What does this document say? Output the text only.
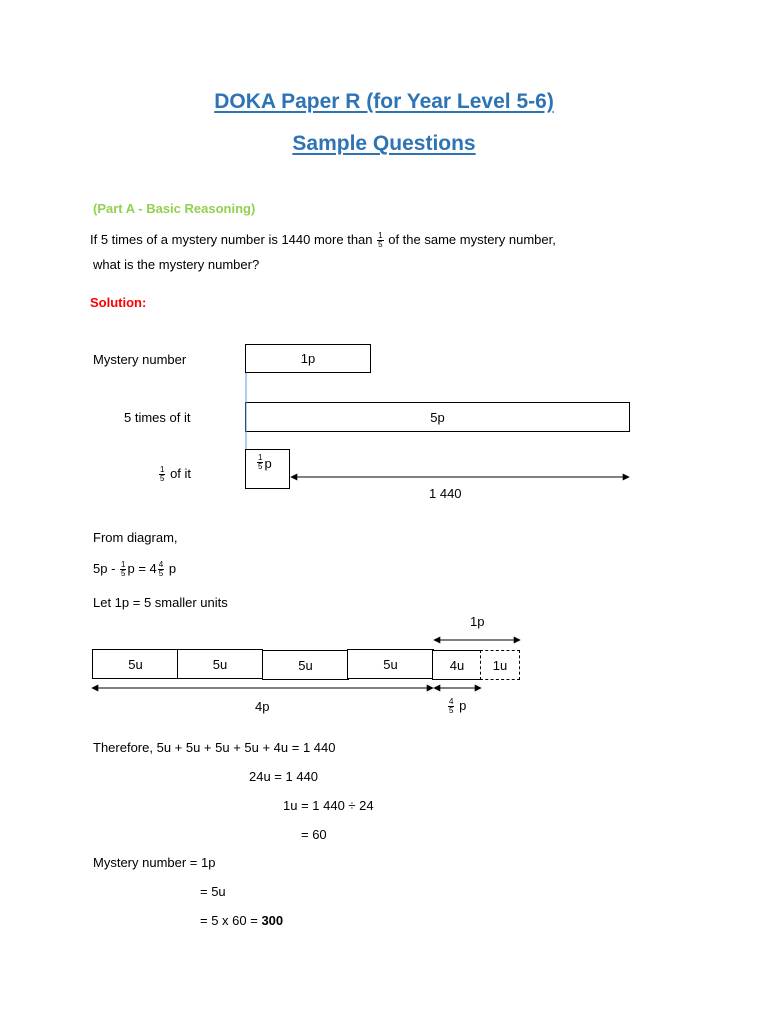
DOKA Paper R (for Year Level 5-6)
Sample Questions
(Part A - Basic Reasoning)
If 5 times of a mystery number is 1440 more than $\frac{1}{5}$ of the same mystery number,
what is the mystery number?
Solution:
Mystery number	1p
5 times of it	5p
$\frac{1}{5}$ of it
$\frac{1}{5}$ p
1 440
From diagram,
$5p - \frac{1}{5}$ $p = 4 \frac{4}{5}$ p
Let 1p = 5 smaller units
1p
5u	5u	5u	5u	4u 1u
4p	$\frac{4}{5}$ p
Therefore, 5u + 5u + 5u + 5u + 4u = 1 440
24u = 1 440
1u = 1 440 ÷ 24
= 60
Mystery number = 1p
= 5u
= 5 x 60 = 300
